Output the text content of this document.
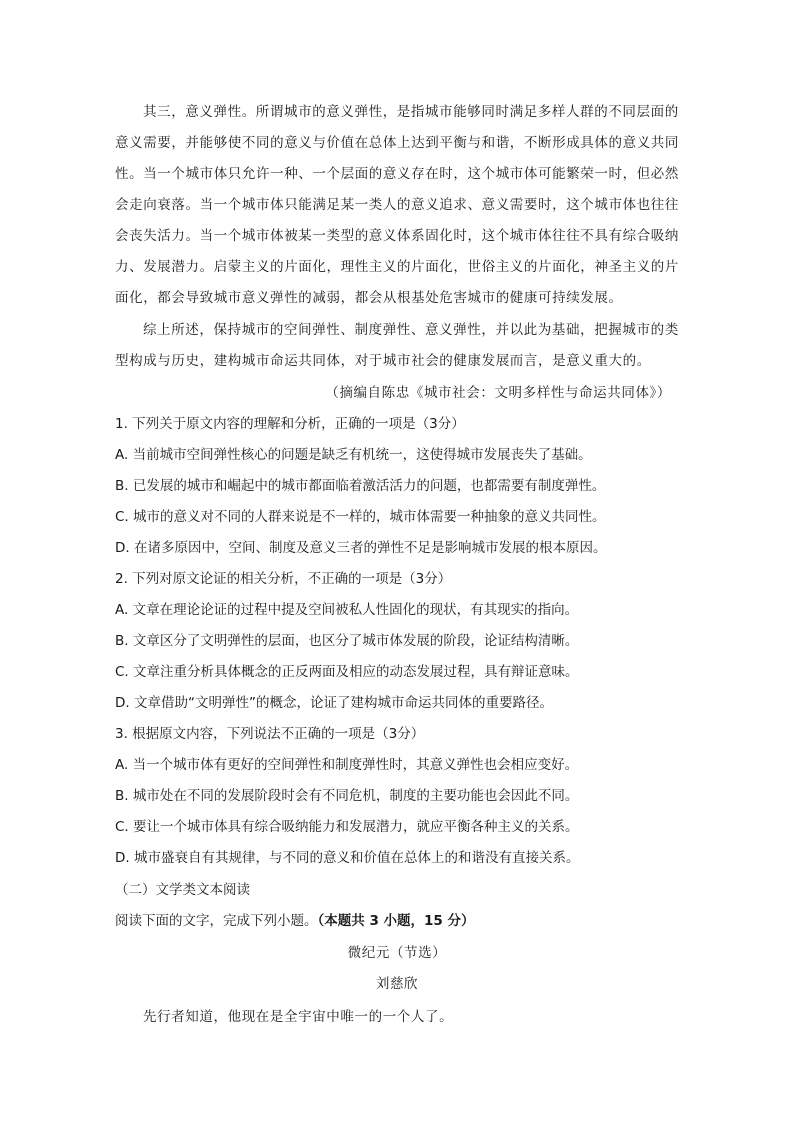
其三，意义弹性。所谓城市的意义弹性，是指城市能够同时满足多样人群的不同层面的
意义需要，并能够使不同的意义与价值在总体上达到平衡与和谐，不断形成具体的意义共同
性。当一个城市体只允许一种、一个层面的意义存在时，这个城市体可能繁荣一时，但必然
会走向衰落。当一个城市体只能满足某一类人的意义追求、意义需要时，这个城市体也往往
会丧失活力。当一个城市体被某一类型的意义体系固化时，这个城市体往往不具有综合吸纳
力、发展潜力。启蒙主义的片面化，理性主义的片面化，世俗主义的片面化，神圣主义的片
面化，都会导致城市意义弹性的减弱，都会从根基处危害城市的健康可持续发展。
综上所述，保持城市的空间弹性、制度弹性、意义弹性，并以此为基础，把握城市的类
型构成与历史，建构城市命运共同体，对于城市社会的健康发展而言，是意义重大的。
（摘编自陈忠《城市社会：文明多样性与命运共同体》）
1. 下列关于原文内容的理解和分析，正确的一项是（3分）
A. 当前城市空间弹性核心的问题是缺乏有机统一，这使得城市发展丧失了基础。
B. 已发展的城市和崛起中的城市都面临着激活活力的问题，也都需要有制度弹性。
C. 城市的意义对不同的人群来说是不一样的，城市体需要一种抽象的意义共同性。
D. 在诸多原因中，空间、制度及意义三者的弹性不足是影响城市发展的根本原因。
2. 下列对原文论证的相关分析，不正确的一项是（3分）
A. 文章在理论论证的过程中提及空间被私人性固化的现状，有其现实的指向。
B. 文章区分了文明弹性的层面，也区分了城市体发展的阶段，论证结构清晰。
C. 文章注重分析具体概念的正反两面及相应的动态发展过程，具有辩证意味。
D. 文章借助“文明弹性”的概念，论证了建构城市命运共同体的重要路径。
3. 根据原文内容，下列说法不正确的一项是（3分）
A. 当一个城市体有更好的空间弹性和制度弹性时，其意义弹性也会相应变好。
B. 城市处在不同的发展阶段时会有不同危机，制度的主要功能也会因此不同。
C. 要让一个城市体具有综合吸纳能力和发展潜力，就应平衡各种主义的关系。
D. 城市盛衰自有其规律，与不同的意义和价值在总体上的和谐没有直接关系。
（二）文学类文本阅读
阅读下面的文字，完成下列小题。（本题共 3 小题，15 分）
微纪元（节选）
刘慈欣
先行者知道，他现在是全宇宙中唯一的一个人了。
